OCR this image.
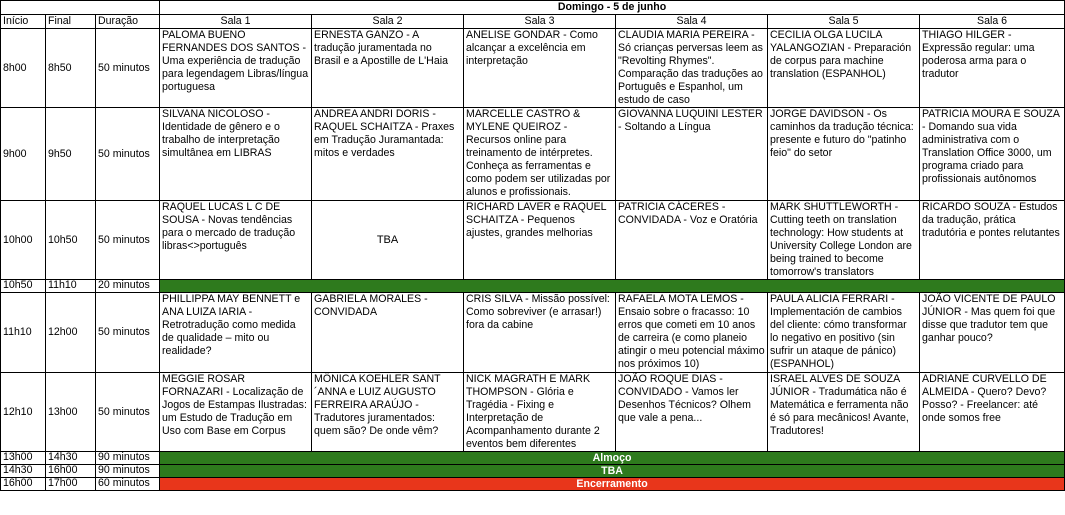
			Domingo - 5 de junho					
Início	Final	Duração	Sala 1	Sala 2	Sala 3	Sala 4	Sala 5	Sala 6
8h00	8h50	50 minutos	PALOMA BUENO FERNANDES DOS SANTOS - Uma experiência de tradução para legendagem Libras/língua portuguesa	ERNESTA GANZO - A tradução juramentada no Brasil e a Apostille de L'Haia	ANELISE GONDAR - Como alcançar a excelência em interpretação	CLAUDIA MARIA PEREIRA - Só crianças perversas leem as "Revolting Rhymes". Comparação das traduções ao Português e Espanhol, um estudo de caso	CECILIA OLGA LUCILA YALANGOZIAN - Preparación de corpus para machine translation (ESPANHOL)	THIAGO HILGER - Expressão regular: uma poderosa arma para o tradutor
9h00	9h50	50 minutos	SILVANA NICOLOSO - Identidade de gênero e o trabalho de interpretação simultânea em LIBRAS	ANDREA ANDRI DORIS - RAQUEL SCHAITZA - Praxes em Tradução Juramantada: mitos e verdades	MARCELLE CASTRO & MYLENE QUEIROZ - Recursos online para treinamento de intérpretes. Conheça as ferramentas e como podem ser utilizadas por alunos e profissionais.	GIOVANNA LUQUINI LESTER - Soltando a Língua	JORGE DAVIDSON - Os caminhos da tradução técnica: presente e futuro do "patinho feio" do setor	PATRICIA MOURA E SOUZA - Domando sua vida administrativa com o Translation Office 3000, um programa criado para profissionais autônomos
10h00	10h50	50 minutos	RAQUEL LUCAS L C DE SOUSA - Novas tendências para o mercado de tradução libras<>português	TBA	RICHARD LAVER e RAQUEL SCHAITZA - Pequenos ajustes, grandes melhorias	PATRICIA CÁCERES - CONVIDADA - Voz e Oratória	MARK SHUTTLEWORTH - Cutting teeth on translation technology: How students at University College London are being trained to become tomorrow's translators	RICARDO SOUZA - Estudos da tradução, prática tradutória e pontes relutantes
10h50	11h10	20 minutos						
11h10	12h00	50 minutos	PHILLIPPA MAY BENNETT e ANA LUIZA IARIA - Retrotradução como medida de qualidade – mito ou realidade?	GABRIELA MORALES - CONVIDADA	CRIS SILVA - Missão possível: Como sobreviver (e arrasar!) fora da cabine	RAFAELA MOTA LEMOS - Ensaio sobre o fracasso: 10 erros que cometi em 10 anos de carreira (e como planeio atingir o meu potencial máximo nos próximos 10)	PAULA ALICIA FERRARI - Implementación de cambios del cliente: cómo transformar lo negativo en positivo (sin sufrir un ataque de pánico) (ESPANHOL)	JOÃO VICENTE DE PAULO JÚNIOR - Mas quem foi que disse que tradutor tem que ganhar pouco?
12h10	13h00	50 minutos	MEGGIE ROSAR FORNAZARI - Localização de Jogos de Estampas Ilustradas: um Estudo de Tradução em Uso com Base em Corpus	MÔNICA KOEHLER SANT´ANNA e LUIZ AUGUSTO FERREIRA ARAÚJO - Tradutores juramentados: quem são? De onde vêm?	NICK MAGRATH E MARK THOMPSON - Glória e Tragédia - Fixing e Interpretação de Acompanhamento durante 2 eventos bem diferentes	JOÃO ROQUE DIAS - CONVIDADO - Vamos ler Desenhos Técnicos? Olhem que vale a pena...	ISRAEL ALVES DE SOUZA JÚNIOR - Tradumática não é Matemática e ferramenta não é só para mecânicos! Avante, Tradutores!	ADRIANE CURVELLO DE ALMEIDA - Quero? Devo? Posso? - Freelancer: até onde somos free
13h00	14h30	90 minutos	Almoço					
14h30	16h00	90 minutos	TBA					
16h00	17h00	60 minutos	Encerramento					
